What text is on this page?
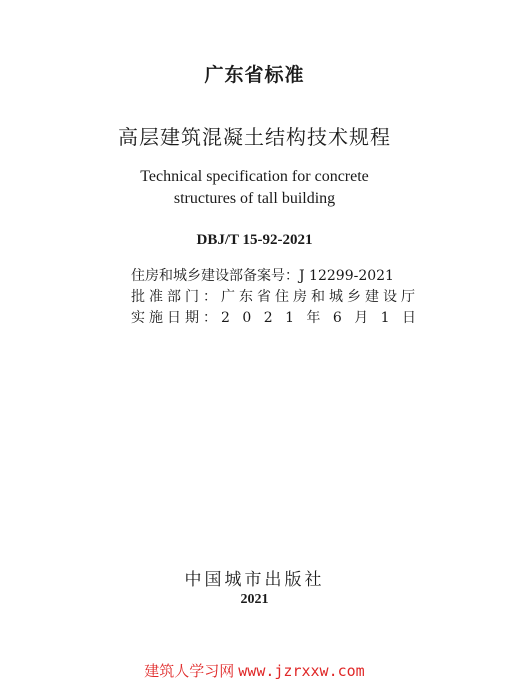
广东省标准
高层建筑混凝土结构技术规程
Technical specification for concrete
structures of tall building
DBJ/T 15-92-2021
住房和城乡建设部备案号：J 12299-2021
批准部门：广东省住房和城乡建设厅
实施日期：2 0 2 1 年 6 月 1 日
中国城市出版社
2021
建筑人学习网 www.jzrxxw.com
